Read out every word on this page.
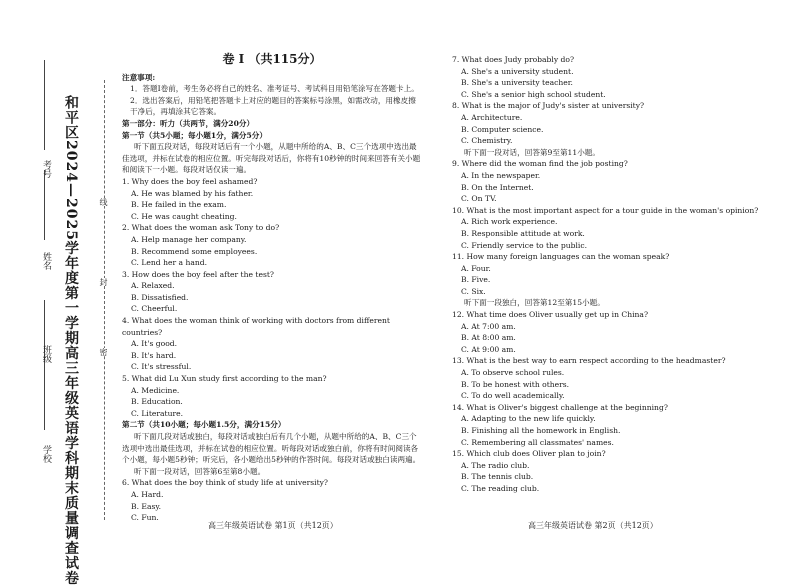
和平区2024—2025学年度第一学期高三年级英语学科期末质量调查试卷
学校
班级
姓名
考号
线
封
密
卷 I （共115分）

注意事项:

1．答题Ⅰ卷前，考生务必将自己的姓名、准考证号、考试科目用铅笔涂写在答题卡上。

2．选出答案后，用铅笔把答题卡上对应的题目的答案标号涂黑，如需改动，用橡皮擦干净后，再填涂其它答案。

第一部分：听力（共两节，满分20分）

第一节（共5小题；每小题1分，满分5分）

听下面五段对话，每段对话后有一个小题，从题中所给的A、B、C三个选项中选出最佳选项，并标在试卷的相应位置。听完每段对话后，你将有10秒钟的时间来回答有关小题和阅读下一小题。每段对话仅读一遍。

1. Why does the boy feel ashamed?

A. He was blamed by his father.

B. He failed in the exam.

C. He was caught cheating.

2. What does the woman ask Tony to do?

A. Help manage her company.

B. Recommend some employees.

C. Lend her a hand.

3. How does the boy feel after the test?

A. Relaxed.

B. Dissatisfied.

C. Cheerful.

4. What does the woman think of working with doctors from different countries?

A. It's good.

B. It's hard.

C. It's stressful.

5. What did Lu Xun study first according to the man?

A. Medicine.

B. Education.

C. Literature.

第二节（共10小题；每小题1.5分，满分15分）

听下面几段对话或独白，每段对话或独白后有几个小题，从题中所给的A、B、C三个选项中选出最佳选项，并标在试卷的相应位置。听每段对话或独白前，你将有时间阅读各个小题，每小题5秒钟；听完后，各小题给出5秒钟的作答时间。每段对话或独白读两遍。

听下面一段对话，回答第6至第8小题。

6. What does the boy think of study life at university?

A. Hard.

B. Easy.

C. Fun.

7. What does Judy probably do?

A. She's a university student.

B. She's a university teacher.

C. She's a senior high school student.

8. What is the major of Judy's sister at university?

A. Architecture.

B. Computer science.

C. Chemistry.

听下面一段对话，回答第9至第11小题。

9. Where did the woman find the job posting?

A. In the newspaper.

B. On the Internet.

C. On TV.

10. What is the most important aspect for a tour guide in the woman's opinion?

A. Rich work experience.

B. Responsible attitude at work.

C. Friendly service to the public.

11. How many foreign languages can the woman speak?

A. Four.

B. Five.

C. Six.

听下面一段独白，回答第12至第15小题。

12. What time does Oliver usually get up in China?

A. At 7:00 am.

B. At 8:00 am.

C. At 9:00 am.

13. What is the best way to earn respect according to the headmaster?

A. To observe school rules.

B. To be honest with others.

C. To do well academically.

14. What is Oliver's biggest challenge at the beginning?

A. Adapting to the new life quickly.

B. Finishing all the homework in English.

C. Remembering all classmates' names.

15. Which club does Oliver plan to join?

A. The radio club.

B. The tennis club.

C. The reading club.

高三年级英语试卷 第1页（共12页）	高三年级英语试卷 第2页（共12页）
